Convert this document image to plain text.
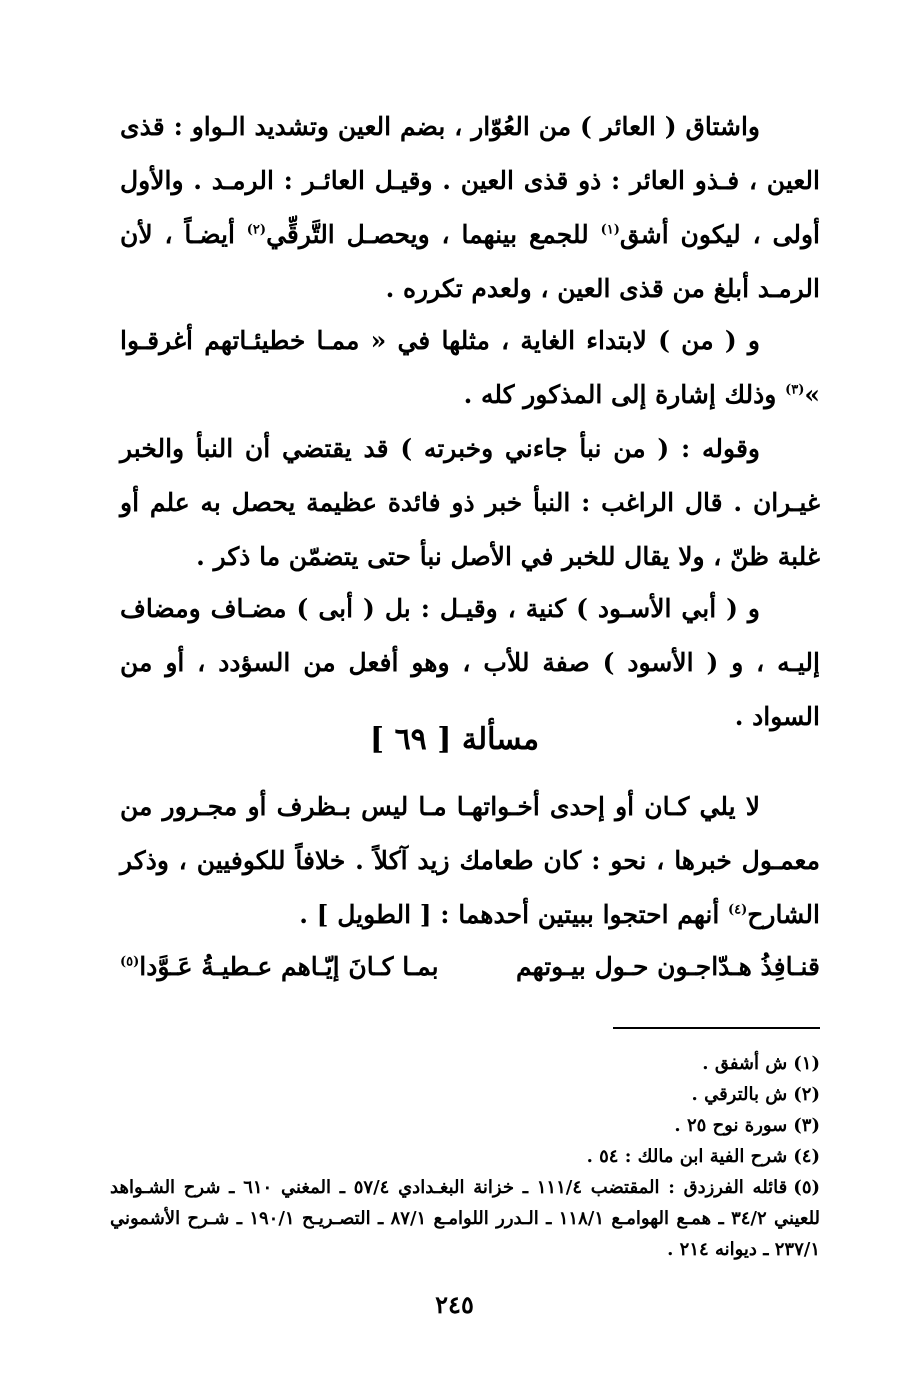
واشتاق ( العائر ) من العُوّار ، بضم العين وتشديد الـواو : قذى العين ، فـذو العائر : ذو قذى العين . وقيـل العائـر : الرمـد . والأول أولى ، ليكون أشق$^{(١)}$ للجمع بينهما ، ويحصـل التَّرقِّي$^{(٢)}$ أيضـاً ، لأن الرمـد أبلغ من قذى العين ، ولعدم تكرره .

و ( من ) لابتداء الغاية ، مثلها في « ممـا خطيئـاتهم أغرقـوا »$^{(٣)}$ وذلك إشارة إلى المذكور كله .

وقوله : ( من نبأ جاءني وخبرته ) قد يقتضي أن النبأ والخبر غيـران . قال الراغب : النبأ خبر ذو فائدة عظيمة يحصل به علم أو غلبة ظنّ ، ولا يقال للخبر في الأصل نبأ حتى يتضمّن ما ذكر .

و ( أبي الأسـود ) كنية ، وقيـل : بل ( أبى ) مضـاف ومضاف إليـه ، و ( الأسود ) صفة للأب ، وهو أفعل من السؤدد ، أو من السواد .

مسألة [ ٦٩ ]

لا يلي كـان أو إحدى أخـواتهـا مـا ليس بـظرف أو مجـرور من معمـول خبرها ، نحو : كان طعامك زيد آكلاً . خلافاً للكوفيين ، وذكر الشارح$^{(٤)}$ أنهم احتجوا ببيتين أحدهما : [ الطويل ] .

قنـافِذُ هـدّاجـون حـول بيـوتهم
بمـا كـانَ إيّـاهم عـطيـةُ عَـوَّدا$^{(٥)}$
(١)ش أشفق .
(٢)ش بالترقي .
(٣)سورة نوح ٢٥ .
(٤)شرح الفية ابن مالك : ٥٤ .
(٥)قائله الفرزدق : المقتضب ١١١/٤ ـ خزانة البغـدادي ٥٧/٤ ـ المغني ٦١٠ ـ شرح الشـواهد للعيني ٣٤/٢ ـ همـع الهوامـع ١١٨/١ ـ الـدرر اللوامـع ٨٧/١ ـ التصـريـح ١٩٠/١ ـ شـرح الأشموني ٢٣٧/١ ـ ديوانه ٢١٤ .
٢٤٥
